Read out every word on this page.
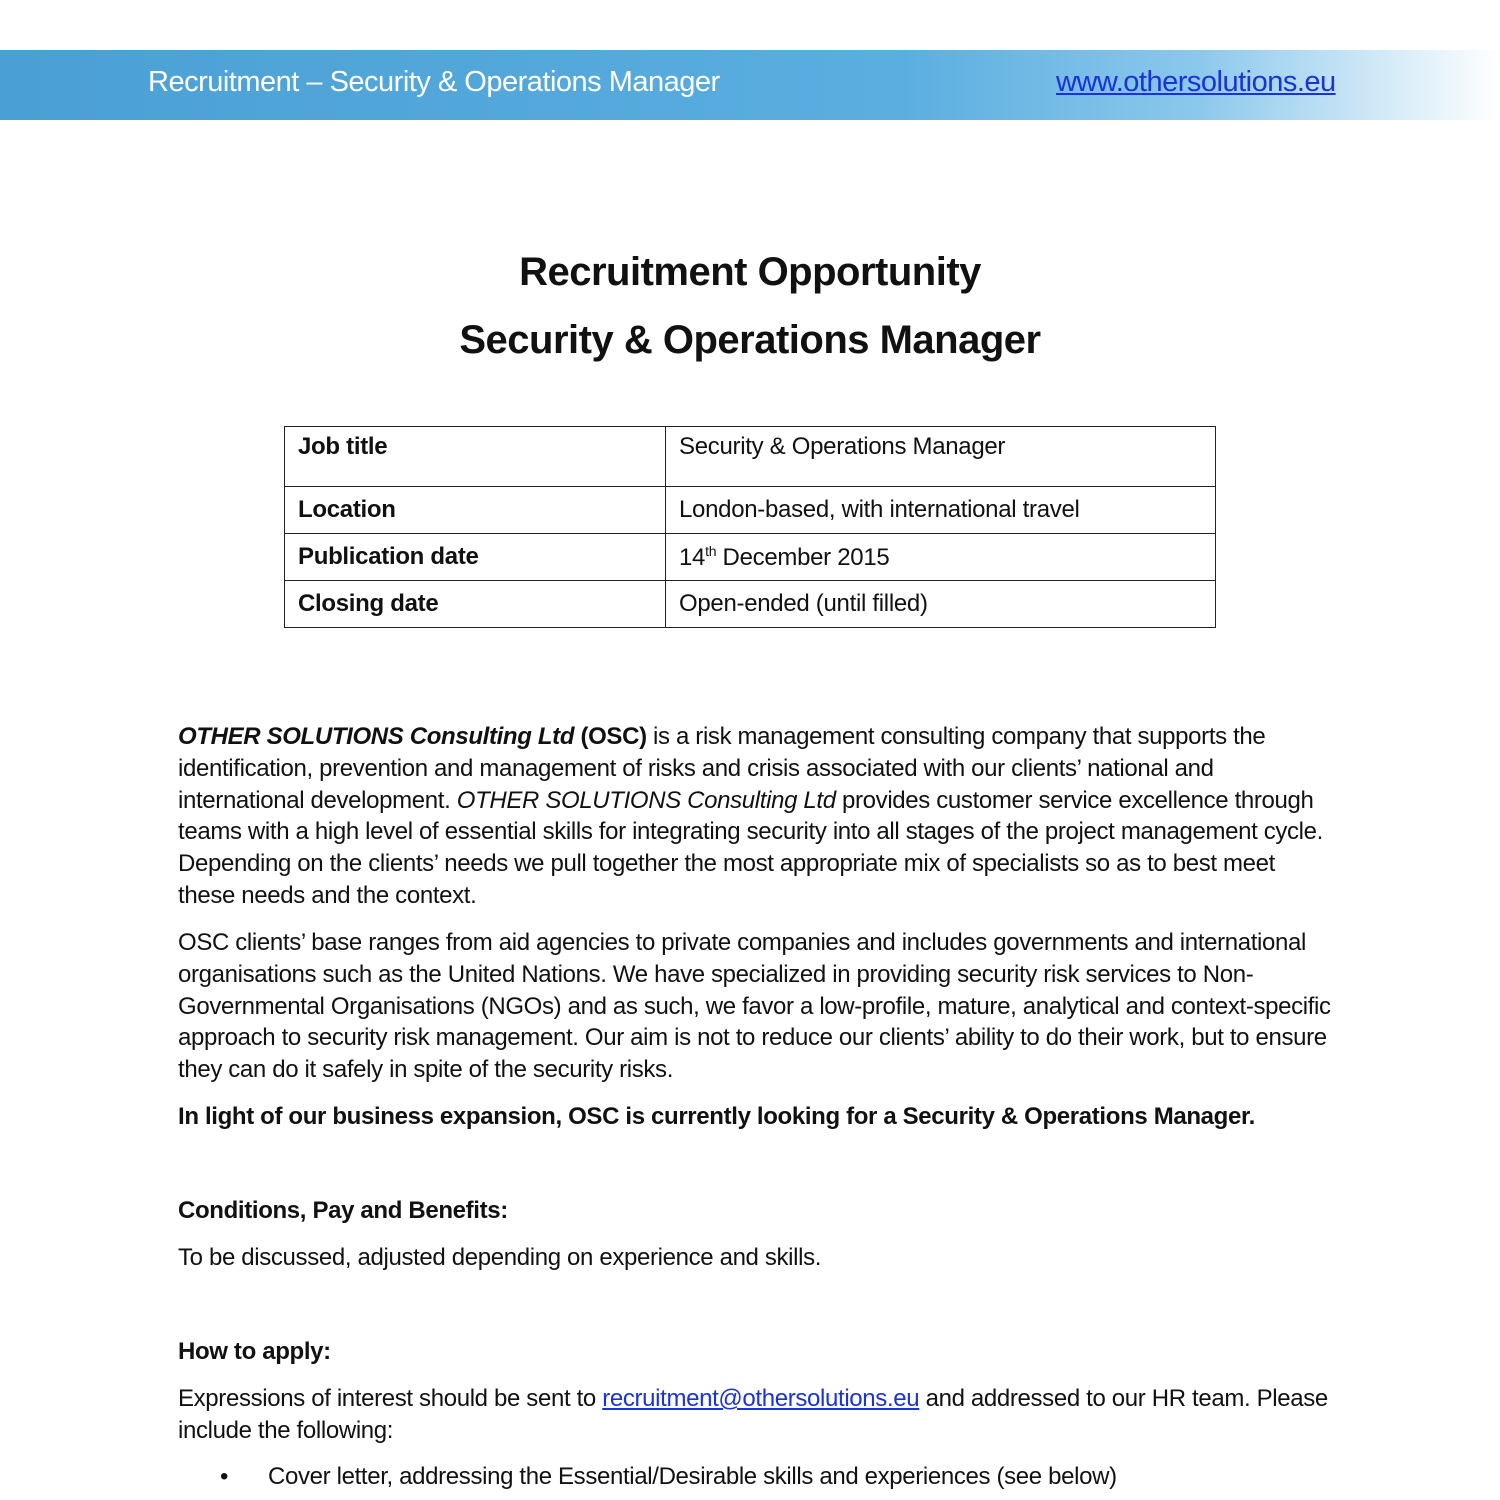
Recruitment – Security & Operations Manager	www.othersolutions.eu
Recruitment Opportunity
Security & Operations Manager
Job title	Security & Operations Manager
Location	London-based, with international travel
Publication date	14th December 2015
Closing date	Open-ended (until filled)
OTHER SOLUTIONS Consulting Ltd (OSC) is a risk management consulting company that supports the identification, prevention and management of risks and crisis associated with our clients’ national and international development. OTHER SOLUTIONS Consulting Ltd provides customer service excellence through teams with a high level of essential skills for integrating security into all stages of the project management cycle. Depending on the clients’ needs we pull together the most appropriate mix of specialists so as to best meet these needs and the context.
OSC clients’ base ranges from aid agencies to private companies and includes governments and international organisations such as the United Nations. We have specialized in providing security risk services to Non-Governmental Organisations (NGOs) and as such, we favor a low-profile, mature, analytical and context-specific approach to security risk management. Our aim is not to reduce our clients’ ability to do their work, but to ensure they can do it safely in spite of the security risks.
In light of our business expansion, OSC is currently looking for a Security & Operations Manager.
Conditions, Pay and Benefits:
To be discussed, adjusted depending on experience and skills.
How to apply:
Expressions of interest should be sent to recruitment@othersolutions.eu and addressed to our HR team. Please include the following:
• Cover letter, addressing the Essential/Desirable skills and experiences (see below)
